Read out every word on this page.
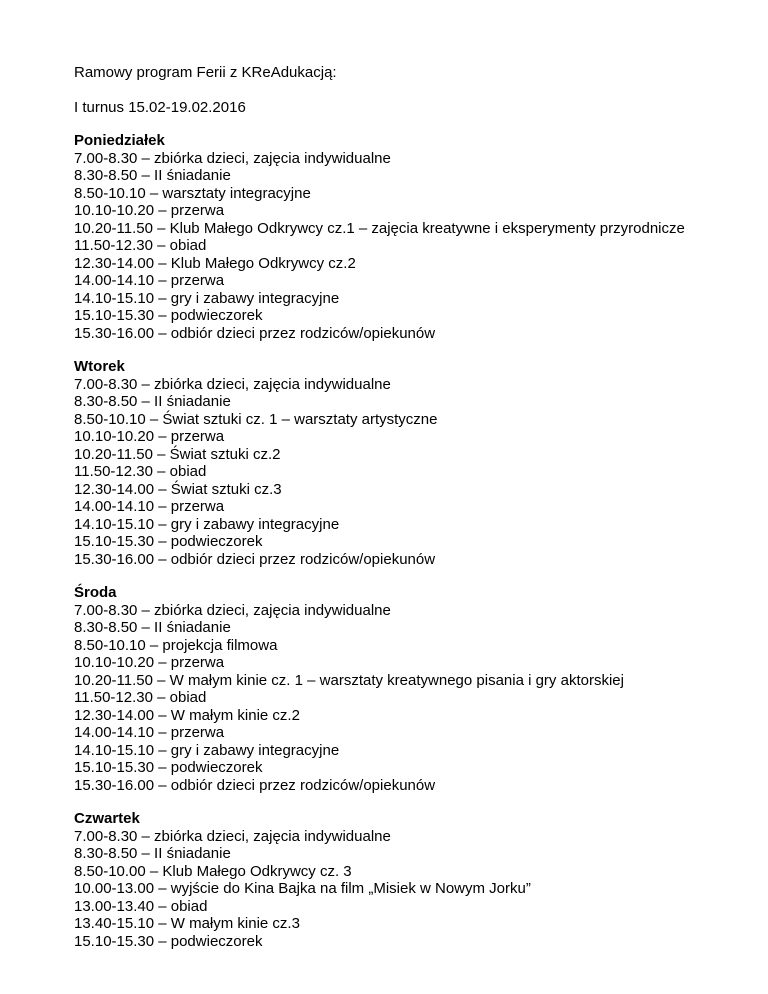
Ramowy program Ferii z KReAdukacją:
I turnus 15.02-19.02.2016
Poniedziałek
7.00-8.30 – zbiórka dzieci, zajęcia indywidualne
8.30-8.50 – II śniadanie
8.50-10.10 – warsztaty integracyjne
10.10-10.20 – przerwa
10.20-11.50 – Klub Małego Odkrywcy cz.1 – zajęcia kreatywne i eksperymenty przyrodnicze
11.50-12.30 – obiad
12.30-14.00 – Klub Małego Odkrywcy cz.2
14.00-14.10 – przerwa
14.10-15.10 – gry i zabawy integracyjne
15.10-15.30 – podwieczorek
15.30-16.00 – odbiór dzieci przez rodziców/opiekunów
Wtorek
7.00-8.30 – zbiórka dzieci, zajęcia indywidualne
8.30-8.50 – II śniadanie
8.50-10.10 – Świat sztuki cz. 1 – warsztaty artystyczne
10.10-10.20 – przerwa
10.20-11.50 – Świat sztuki cz.2
11.50-12.30 – obiad
12.30-14.00 – Świat sztuki cz.3
14.00-14.10 – przerwa
14.10-15.10 – gry i zabawy integracyjne
15.10-15.30 – podwieczorek
15.30-16.00 – odbiór dzieci przez rodziców/opiekunów
Środa
7.00-8.30 – zbiórka dzieci, zajęcia indywidualne
8.30-8.50 – II śniadanie
8.50-10.10 – projekcja filmowa
10.10-10.20 – przerwa
10.20-11.50 – W małym kinie cz. 1 – warsztaty kreatywnego pisania i gry aktorskiej
11.50-12.30 – obiad
12.30-14.00 – W małym kinie cz.2
14.00-14.10 – przerwa
14.10-15.10 – gry i zabawy integracyjne
15.10-15.30 – podwieczorek
15.30-16.00 – odbiór dzieci przez rodziców/opiekunów
Czwartek
7.00-8.30 – zbiórka dzieci, zajęcia indywidualne
8.30-8.50 – II śniadanie
8.50-10.00 – Klub Małego Odkrywcy cz. 3
10.00-13.00 – wyjście do Kina Bajka na film „Misiek w Nowym Jorku”
13.00-13.40 – obiad
13.40-15.10 – W małym kinie cz.3
15.10-15.30 – podwieczorek
